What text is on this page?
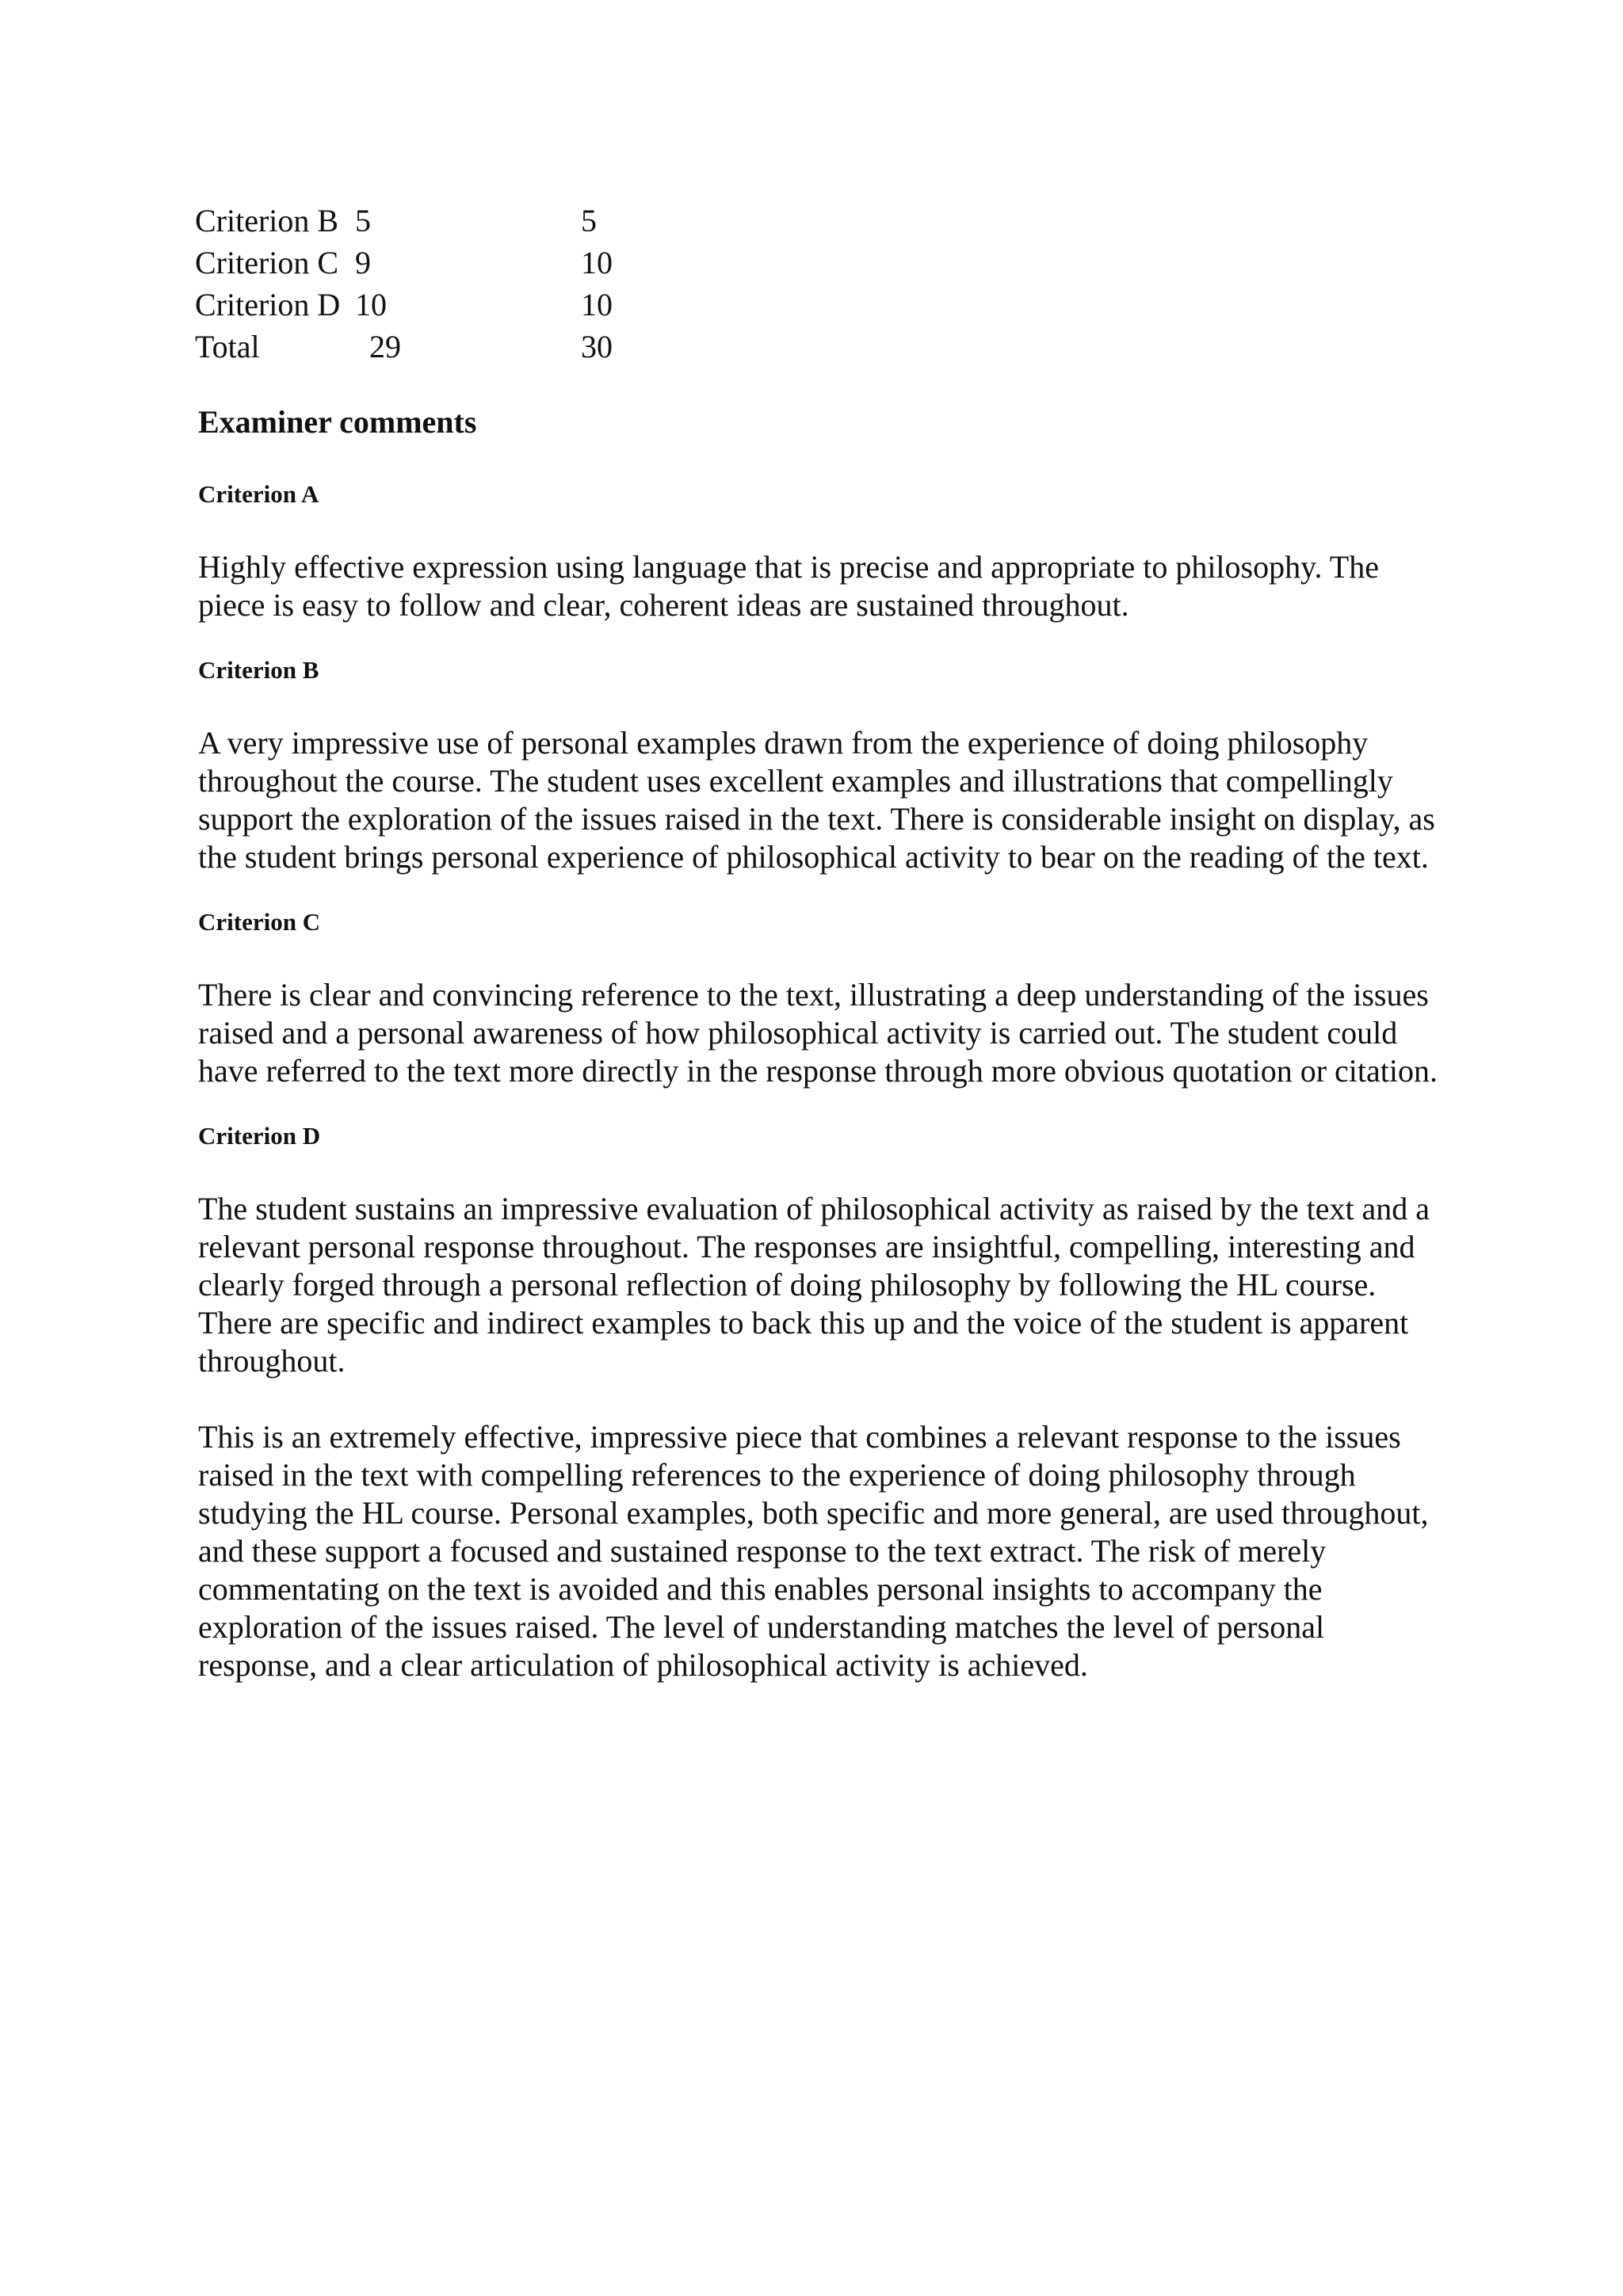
Criterion B	5	5
Criterion C	9	10
Criterion D	10	10
Total	29	30
Examiner comments
Criterion A

Highly effective expression using language that is precise and appropriate to philosophy. The piece is easy to follow and clear, coherent ideas are sustained throughout.

Criterion B

A very impressive use of personal examples drawn from the experience of doing philosophy throughout the course. The student uses excellent examples and illustrations that compellingly support the exploration of the issues raised in the text. There is considerable insight on display, as the student brings personal experience of philosophical activity to bear on the reading of the text.

Criterion C

There is clear and convincing reference to the text, illustrating a deep understanding of the issues raised and a personal awareness of how philosophical activity is carried out. The student could have referred to the text more directly in the response through more obvious quotation or citation.

Criterion D

The student sustains an impressive evaluation of philosophical activity as raised by the text and a relevant personal response throughout. The responses are insightful, compelling, interesting and clearly forged through a personal reflection of doing philosophy by following the HL course. There are specific and indirect examples to back this up and the voice of the student is apparent throughout.

This is an extremely effective, impressive piece that combines a relevant response to the issues raised in the text with compelling references to the experience of doing philosophy through studying the HL course. Personal examples, both specific and more general, are used throughout, and these support a focused and sustained response to the text extract. The risk of merely commentating on the text is avoided and this enables personal insights to accompany the exploration of the issues raised. The level of understanding matches the level of personal response, and a clear articulation of philosophical activity is achieved.
